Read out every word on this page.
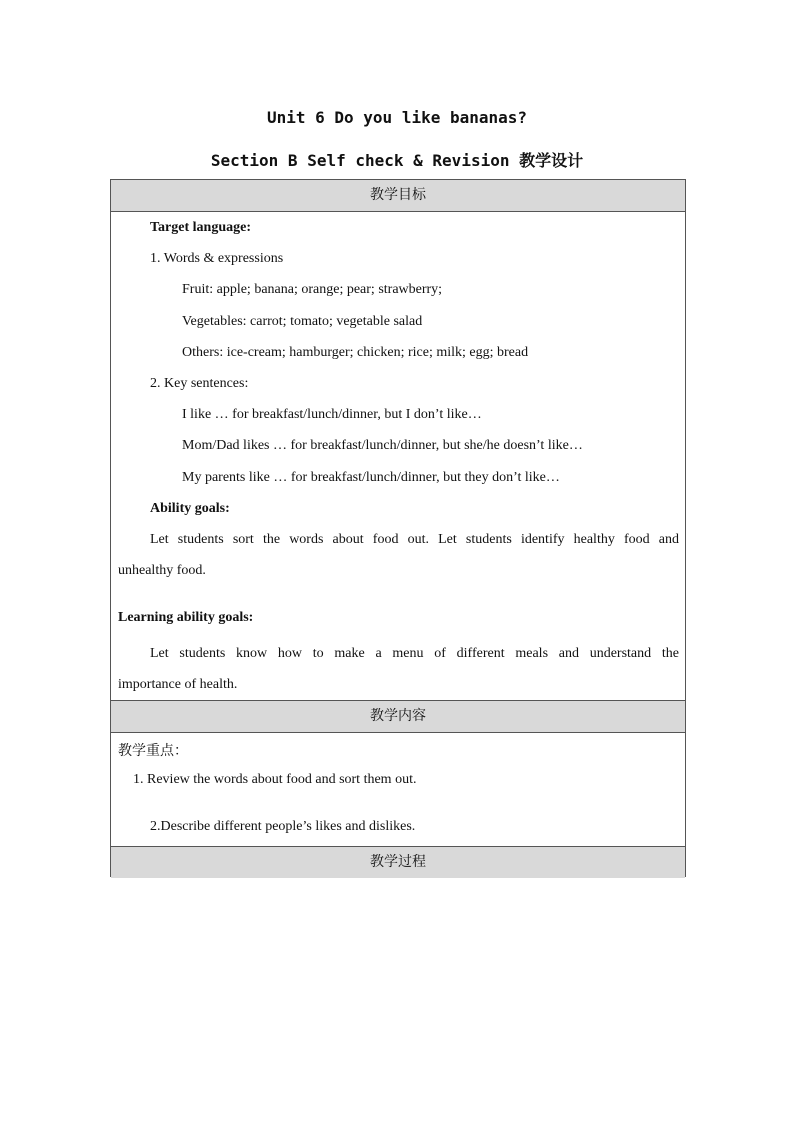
Unit 6 Do you like bananas?
Section B Self check & Revision 教学设计
教学目标
Target language:
1. Words & expressions
Fruit: apple; banana; orange; pear; strawberry;
Vegetables: carrot; tomato; vegetable salad
Others: ice-cream; hamburger; chicken; rice; milk; egg; bread
2. Key sentences:
I like … for breakfast/lunch/dinner, but I don’t like…
Mom/Dad likes … for breakfast/lunch/dinner, but she/he doesn’t like…
My parents like … for breakfast/lunch/dinner, but they don’t like…
Ability goals:
Let students sort the words about food out. Let students identify healthy food and
unhealthy food.
Learning ability goals:
Let students know how to make a menu of different meals and understand the
importance of health.
教学内容
教学重点：
1. Review the words about food and sort them out.
2.Describe different people’s likes and dislikes.
教学过程
